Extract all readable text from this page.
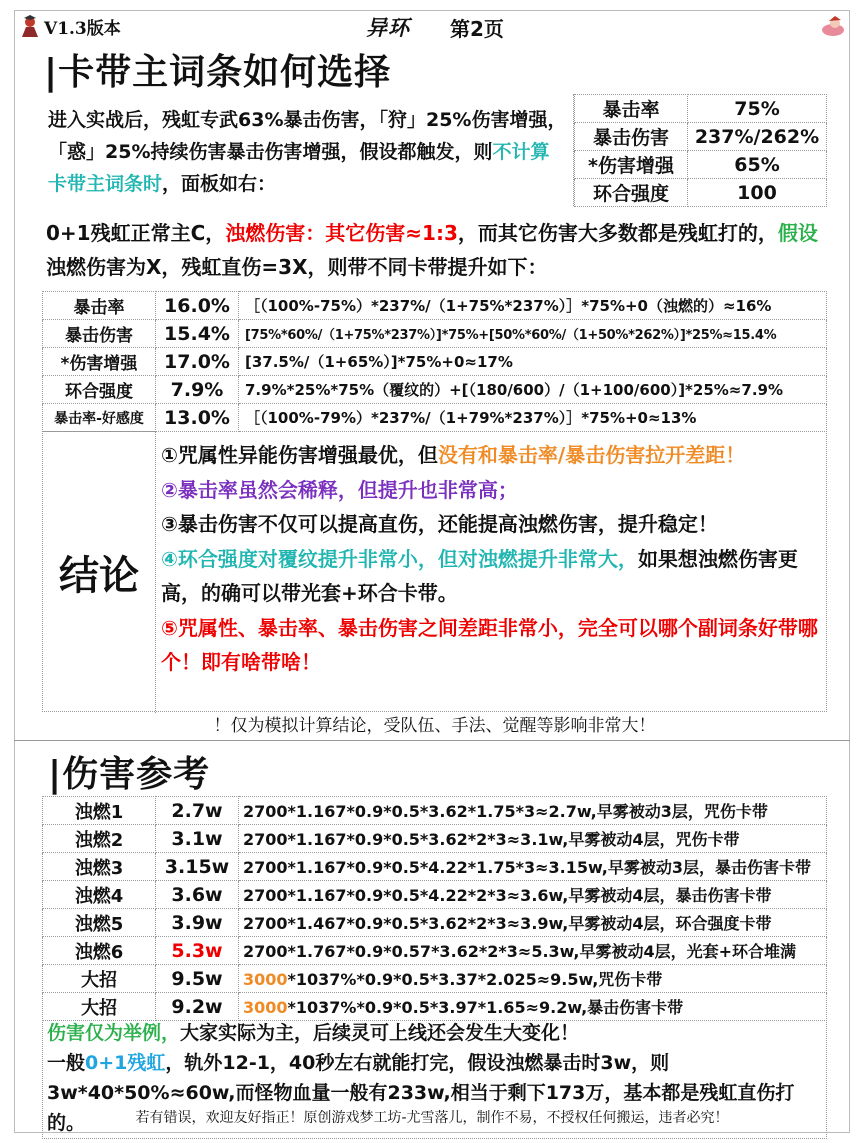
V1.3版本	异环 第2页
|卡带主词条如何选择
进入实战后，残虹专武63%暴击伤害，「狩」25%伤害增强，「惑」25%持续伤害暴击伤害增强，假设都触发，则不计算卡带主词条时，面板如右：
暴击率	75%
暴击伤害	237%/262%
*伤害增强	65%
环合强度	100
0+1残虹正常主C，浊燃伤害：其它伤害≈1:3，而其它伤害大多数都是残虹打的，假设浊燃伤害为X，残虹直伤=3X，则带不同卡带提升如下：
暴击率	16.0%	［（100%-75%）*237%/（1+75%*237%）］*75%+0（浊燃的）≈16%
暴击伤害	15.4%	[75%*60%/（1+75%*237%）]*75%+[50%*60%/（1+50%*262%）]*25%≈15.4%
*伤害增强	17.0%	[37.5%/（1+65%）]*75%+0≈17%
环合强度	7.9%	7.9%*25%*75%（覆纹的）+[（180/600）/（1+100/600）]*25%≈7.9%
暴击率-好感度	13.0%	［（100%-79%）*237%/（1+79%*237%）］*75%+0≈13%
结论
①咒属性异能伤害增强最优，但没有和暴击率/暴击伤害拉开差距！
②暴击率虽然会稀释，但提升也非常高；
③暴击伤害不仅可以提高直伤，还能提高浊燃伤害，提升稳定！
④环合强度对覆纹提升非常小，但对浊燃提升非常大，如果想浊燃伤害更高，的确可以带光套+环合卡带。
⑤咒属性、暴击率、暴击伤害之间差距非常小，完全可以哪个副词条好带哪个！即有啥带啥！
！仅为模拟计算结论，受队伍、手法、觉醒等影响非常大！
|伤害参考
浊燃1	2.7w	2700*1.167*0.9*0.5*3.62*1.75*3≈2.7w,早雾被动3层，咒伤卡带
浊燃2	3.1w	2700*1.167*0.9*0.5*3.62*2*3≈3.1w,早雾被动4层，咒伤卡带
浊燃3	3.15w	2700*1.167*0.9*0.5*4.22*1.75*3≈3.15w,早雾被动3层，暴击伤害卡带
浊燃4	3.6w	2700*1.167*0.9*0.5*4.22*2*3≈3.6w,早雾被动4层，暴击伤害卡带
浊燃5	3.9w	2700*1.467*0.9*0.5*3.62*2*3≈3.9w,早雾被动4层，环合强度卡带
浊燃6	5.3w	2700*1.767*0.9*0.57*3.62*2*3≈5.3w,早雾被动4层，光套+环合堆满
大招	9.5w	3000*1037%*0.9*0.5*3.37*2.025≈9.5w,咒伤卡带
大招	9.2w	3000*1037%*0.9*0.5*3.97*1.65≈9.2w,暴击伤害卡带
伤害仅为举例，大家实际为主，后续灵可上线还会发生大变化！
一般0+1残虹，轨外12-1，40秒左右就能打完，假设浊燃暴击时3w，则3w*40*50%≈60w,而怪物血量一般有233w,相当于剩下173万，基本都是残虹直伤打的。	若有错误，欢迎友好指正！原创游戏梦工坊-尤雪落儿，制作不易，不授权任何搬运，违者必究！
